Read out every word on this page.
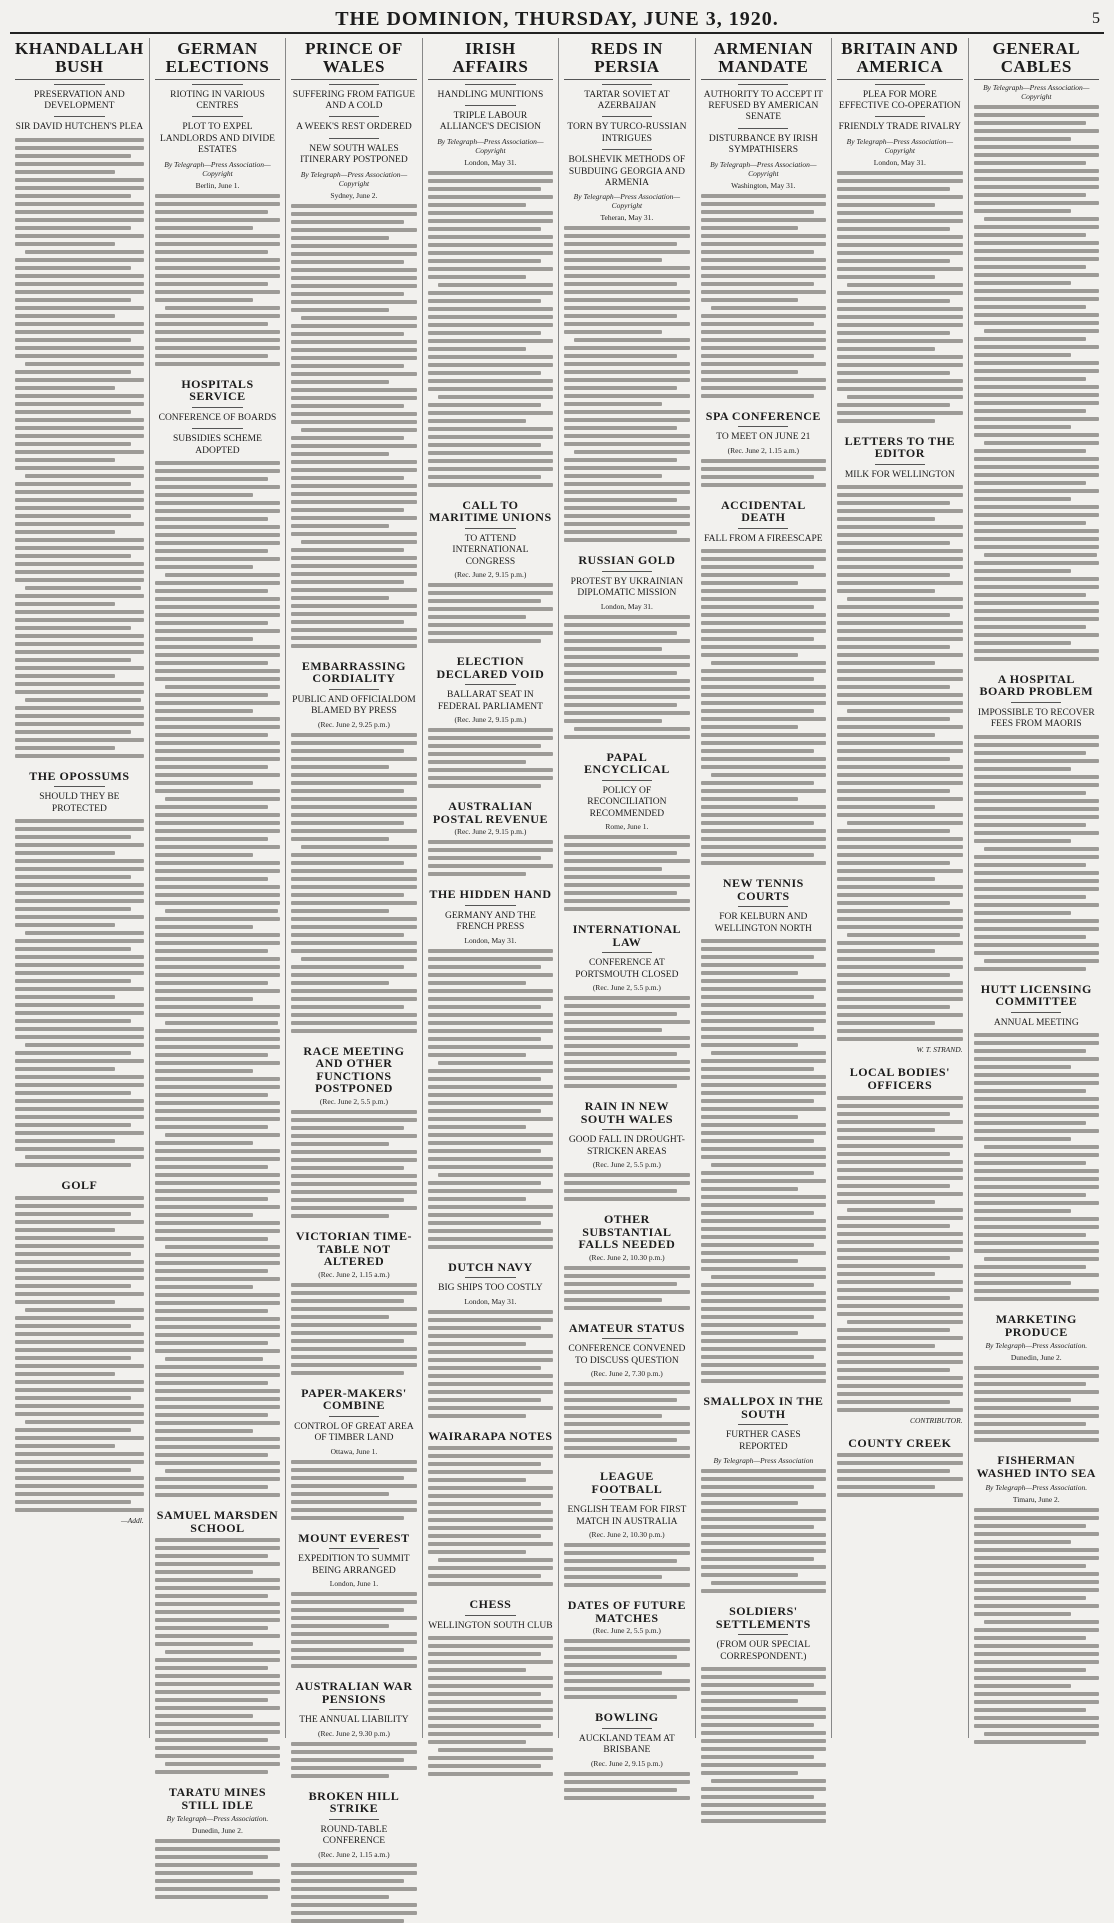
THE DOMINION, THURSDAY, JUNE 3, 1920.	5
KHANDALLAH BUSH
PRESERVATION AND DEVELOPMENT
SIR DAVID HUTCHEN'S PLEA
THE OPOSSUMS
SHOULD THEY BE PROTECTED
GOLF
—Addl.
GERMAN ELECTIONS
RIOTING IN VARIOUS CENTRES
PLOT TO EXPEL LANDLORDS AND DIVIDE ESTATES
By Telegraph—Press Association—Copyright
Berlin, June 1.
HOSPITALS SERVICE
CONFERENCE OF BOARDS
SUBSIDIES SCHEME ADOPTED
SAMUEL MARSDEN SCHOOL
TARATU MINES STILL IDLE
By Telegraph—Press Association.
Dunedin, June 2.
PRINCE OF WALES
SUFFERING FROM FATIGUE AND A COLD
A WEEK'S REST ORDERED
NEW SOUTH WALES ITINERARY POSTPONED
By Telegraph—Press Association—Copyright
Sydney, June 2.
EMBARRASSING CORDIALITY
PUBLIC AND OFFICIALDOM BLAMED BY PRESS
(Rec. June 2, 9.25 p.m.)
RACE MEETING AND OTHER FUNCTIONS POSTPONED
(Rec. June 2, 5.5 p.m.)
VICTORIAN TIME-TABLE NOT ALTERED
(Rec. June 2, 1.15 a.m.)
PAPER-MAKERS' COMBINE
CONTROL OF GREAT AREA OF TIMBER LAND
Ottawa, June 1.
MOUNT EVEREST
EXPEDITION TO SUMMIT BEING ARRANGED
London, June 1.
AUSTRALIAN WAR PENSIONS
THE ANNUAL LIABILITY
(Rec. June 2, 9.30 p.m.)
BROKEN HILL STRIKE
ROUND-TABLE CONFERENCE
(Rec. June 2, 1.15 a.m.)
IRISH AFFAIRS
HANDLING MUNITIONS
TRIPLE LABOUR ALLIANCE'S DECISION
By Telegraph—Press Association—Copyright
London, May 31.
CALL TO MARITIME UNIONS
TO ATTEND INTERNATIONAL CONGRESS
(Rec. June 2, 9.15 p.m.)
ELECTION DECLARED VOID
BALLARAT SEAT IN FEDERAL PARLIAMENT
(Rec. June 2, 9.15 p.m.)
AUSTRALIAN POSTAL REVENUE
(Rec. June 2, 9.15 p.m.)
THE HIDDEN HAND
GERMANY AND THE FRENCH PRESS
London, May 31.
DUTCH NAVY
BIG SHIPS TOO COSTLY
London, May 31.
WAIRARAPA NOTES
CHESS
WELLINGTON SOUTH CLUB
REDS IN PERSIA
TARTAR SOVIET AT AZERBAIJAN
TORN BY TURCO-RUSSIAN INTRIGUES
BOLSHEVIK METHODS OF SUBDUING GEORGIA AND ARMENIA
By Telegraph—Press Association—Copyright
Teheran, May 31.
RUSSIAN GOLD
PROTEST BY UKRAINIAN DIPLOMATIC MISSION
London, May 31.
PAPAL ENCYCLICAL
POLICY OF RECONCILIATION RECOMMENDED
Rome, June 1.
INTERNATIONAL LAW
CONFERENCE AT PORTSMOUTH CLOSED
(Rec. June 2, 5.5 p.m.)
RAIN IN NEW SOUTH WALES
GOOD FALL IN DROUGHT-STRICKEN AREAS
(Rec. June 2, 5.5 p.m.)
OTHER SUBSTANTIAL FALLS NEEDED
(Rec. June 2, 10.30 p.m.)
AMATEUR STATUS
CONFERENCE CONVENED TO DISCUSS QUESTION
(Rec. June 2, 7.30 p.m.)
LEAGUE FOOTBALL
ENGLISH TEAM FOR FIRST MATCH IN AUSTRALIA
(Rec. June 2, 10.30 p.m.)
DATES OF FUTURE MATCHES
(Rec. June 2, 5.5 p.m.)
BOWLING
AUCKLAND TEAM AT BRISBANE
(Rec. June 2, 9.15 p.m.)
ARMENIAN MANDATE
AUTHORITY TO ACCEPT IT REFUSED BY AMERICAN SENATE
DISTURBANCE BY IRISH SYMPATHISERS
By Telegraph—Press Association—Copyright
Washington, May 31.
SPA CONFERENCE
TO MEET ON JUNE 21
(Rec. June 2, 1.15 a.m.)
ACCIDENTAL DEATH
FALL FROM A FIREESCAPE
NEW TENNIS COURTS
FOR KELBURN AND WELLINGTON NORTH
SMALLPOX IN THE SOUTH
FURTHER CASES REPORTED
By Telegraph—Press Association
SOLDIERS' SETTLEMENTS
(FROM OUR SPECIAL CORRESPONDENT.)
BRITAIN AND AMERICA
PLEA FOR MORE EFFECTIVE CO-OPERATION
FRIENDLY TRADE RIVALRY
By Telegraph—Press Association—Copyright
London, May 31.
LETTERS TO THE EDITOR
MILK FOR WELLINGTON
W. T. STRAND.
LOCAL BODIES' OFFICERS
CONTRIBUTOR.
COUNTY CREEK
GENERAL CABLES
By Telegraph—Press Association—Copyright
A HOSPITAL BOARD PROBLEM
IMPOSSIBLE TO RECOVER FEES FROM MAORIS
HUTT LICENSING COMMITTEE
ANNUAL MEETING
MARKETING PRODUCE
By Telegraph—Press Association.
Dunedin, June 2.
FISHERMAN WASHED INTO SEA
By Telegraph—Press Association.
Timaru, June 2.
